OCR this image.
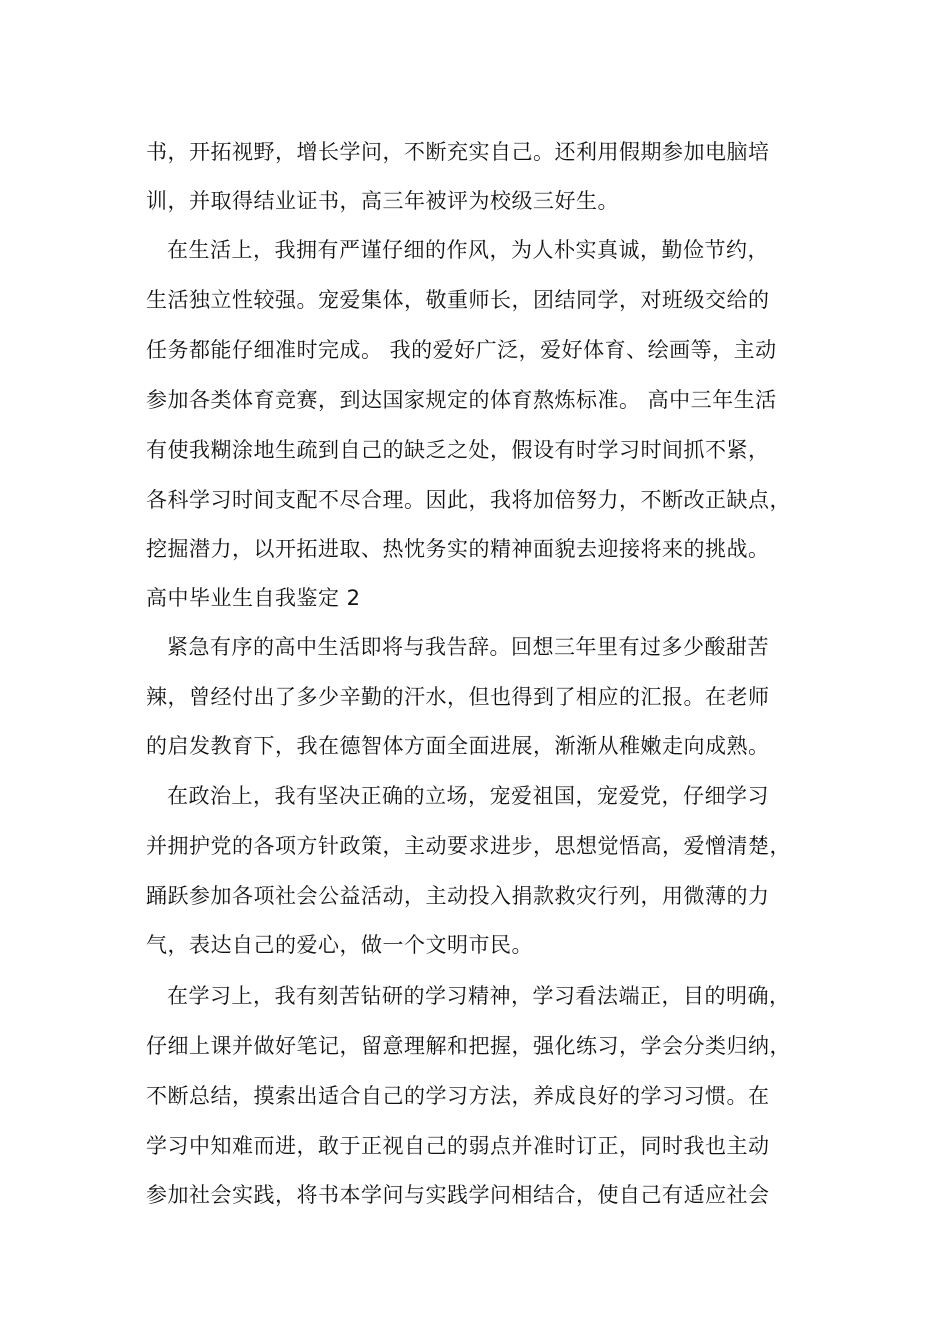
书，开拓视野，增长学问，不断充实自己。还利用假期参加电脑培
训，并取得结业证书，高三年被评为校级三好生。
在生活上，我拥有严谨仔细的作风，为人朴实真诚，勤俭节约，
生活独立性较强。宠爱集体，敬重师长，团结同学，对班级交给的
任务都能仔细准时完成。 我的爱好广泛，爱好体育、绘画等，主动
参加各类体育竞赛，到达国家规定的体育熬炼标准。 高中三年生活
有使我糊涂地生疏到自己的缺乏之处，假设有时学习时间抓不紧，
各科学习时间支配不尽合理。因此，我将加倍努力，不断改正缺点，
挖掘潜力，以开拓进取、热忱务实的精神面貌去迎接将来的挑战。
高中毕业生自我鉴定 2
紧急有序的高中生活即将与我告辞。回想三年里有过多少酸甜苦
辣，曾经付出了多少辛勤的汗水，但也得到了相应的汇报。在老师
的启发教育下，我在德智体方面全面进展，渐渐从稚嫩走向成熟。
在政治上，我有坚决正确的立场，宠爱祖国，宠爱党，仔细学习
并拥护党的各项方针政策，主动要求进步，思想觉悟高，爱憎清楚，
踊跃参加各项社会公益活动，主动投入捐款救灾行列，用微薄的力
气，表达自己的爱心，做一个文明市民。
在学习上，我有刻苦钻研的学习精神，学习看法端正，目的明确，
仔细上课并做好笔记，留意理解和把握，强化练习，学会分类归纳，
不断总结，摸索出适合自己的学习方法，养成良好的学习习惯。在
学习中知难而进，敢于正视自己的弱点并准时订正，同时我也主动
参加社会实践，将书本学问与实践学问相结合，使自己有适应社会
